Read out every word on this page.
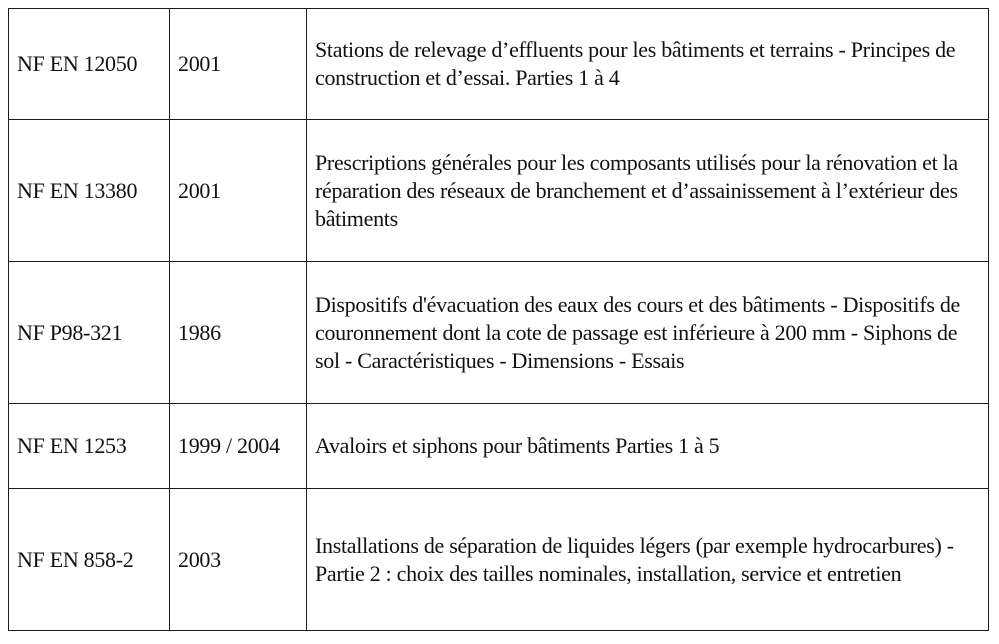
NF EN 12050	2001	Stations de relevage d’effluents pour les bâtiments et terrains - Principes de construction et d’essai. Parties 1 à 4
NF EN 13380	2001	Prescriptions générales pour les composants utilisés pour la rénovation et la réparation des réseaux de branchement et d’assainissement à l’extérieur des bâtiments
NF P98-321	1986	Dispositifs d'évacuation des eaux des cours et des bâtiments - Dispositifs de couronnement dont la cote de passage est inférieure à 200 mm - Siphons de sol - Caractéristiques - Dimensions - Essais
NF EN 1253	1999 / 2004	Avaloirs et siphons pour bâtiments Parties 1 à 5
NF EN 858-2	2003	Installations de séparation de liquides légers (par exemple hydrocarbures) - Partie 2 : choix des tailles nominales, installation, service et entretien
